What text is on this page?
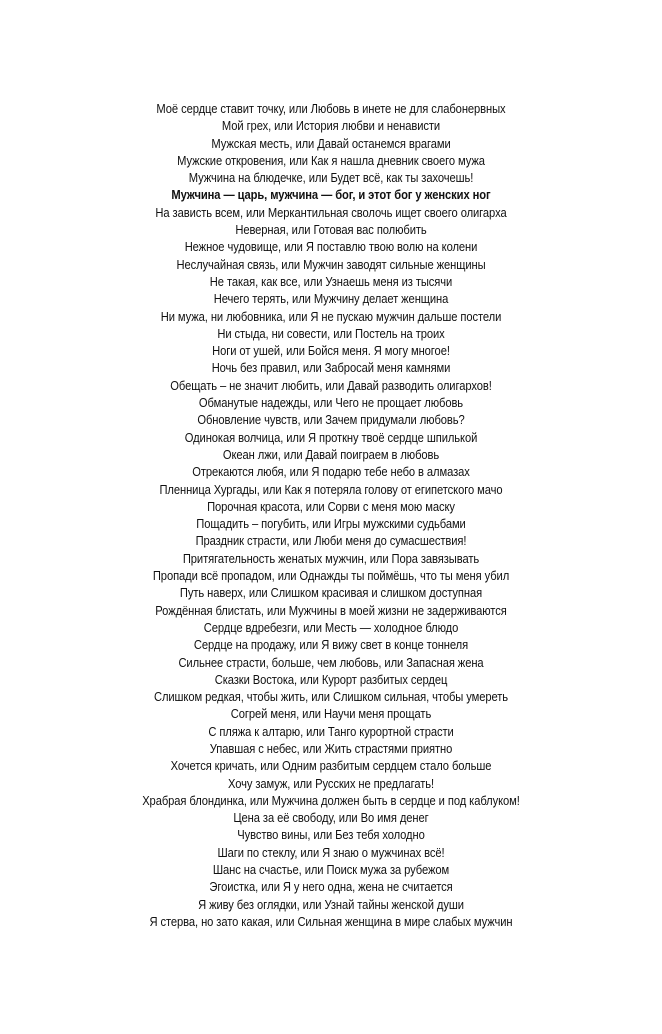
Моё сердце ставит точку, или Любовь в инете не для слабонервных
Мой грех, или История любви и ненависти
Мужская месть, или Давай останемся врагами
Мужские откровения, или Как я нашла дневник своего мужа
Мужчина на блюдечке, или Будет всё, как ты захочешь!
Мужчина — царь, мужчина — бог, и этот бог у женских ног
На зависть всем, или Меркантильная сволочь ищет своего олигарха
Неверная, или Готовая вас полюбить
Нежное чудовище, или Я поставлю твою волю на колени
Неслучайная связь, или Мужчин заводят сильные женщины
Не такая, как все, или Узнаешь меня из тысячи
Нечего терять, или Мужчину делает женщина
Ни мужа, ни любовника, или Я не пускаю мужчин дальше постели
Ни стыда, ни совести, или Постель на троих
Ноги от ушей, или Бойся меня. Я могу многое!
Ночь без правил, или Забросай меня камнями
Обещать – не значит любить, или Давай разводить олигархов!
Обманутые надежды, или Чего не прощает любовь
Обновление чувств, или Зачем придумали любовь?
Одинокая волчица, или Я проткну твоё сердце шпилькой
Океан лжи, или Давай поиграем в любовь
Отрекаются любя, или Я подарю тебе небо в алмазах
Пленница Хургады, или Как я потеряла голову от египетского мачо
Порочная красота, или Сорви с меня мою маску
Пощадить – погубить, или Игры мужскими судьбами
Праздник страсти, или Люби меня до сумасшествия!
Притягательность женатых мужчин, или Пора завязывать
Пропади всё пропадом, или Однажды ты поймёшь, что ты меня убил
Путь наверх, или Слишком красивая и слишком доступная
Рождённая блистать, или Мужчины в моей жизни не задерживаются
Сердце вдребезги, или Месть — холодное блюдо
Сердце на продажу, или Я вижу свет в конце тоннеля
Сильнее страсти, больше, чем любовь, или Запасная жена
Сказки Востока, или Курорт разбитых сердец
Слишком редкая, чтобы жить, или Слишком сильная, чтобы умереть
Согрей меня, или Научи меня прощать
С пляжа к алтарю, или Танго курортной страсти
Упавшая с небес, или Жить страстями приятно
Хочется кричать, или Одним разбитым сердцем стало больше
Хочу замуж, или Русских не предлагать!
Храбрая блондинка, или Мужчина должен быть в сердце и под каблуком!
Цена за её свободу, или Во имя денег
Чувство вины, или Без тебя холодно
Шаги по стеклу, или Я знаю о мужчинах всё!
Шанс на счастье, или Поиск мужа за рубежом
Эгоистка, или Я у него одна, жена не считается
Я живу без оглядки, или Узнай тайны женской души
Я стерва, но зато какая, или Сильная женщина в мире слабых мужчин
